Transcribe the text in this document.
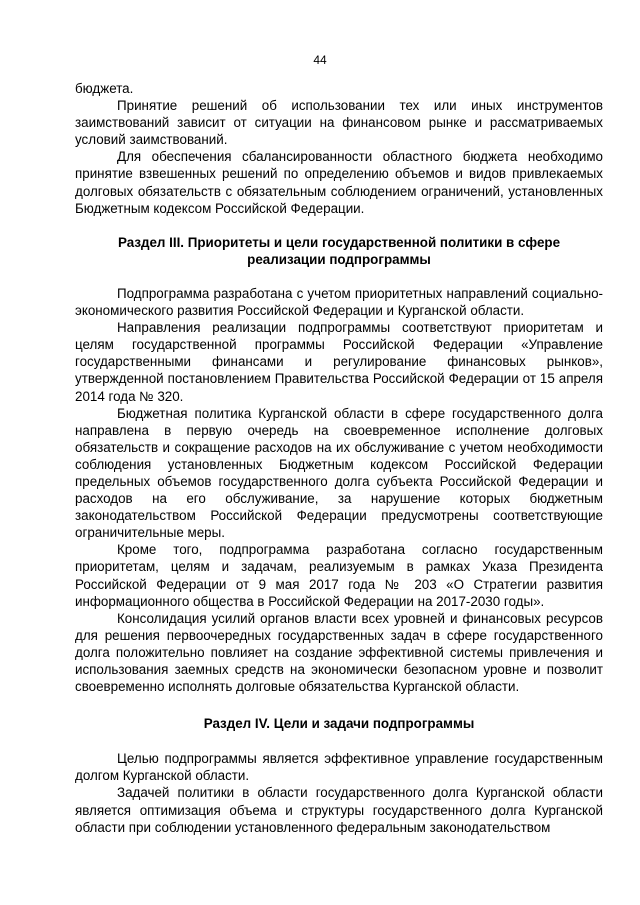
44

бюджета.

Принятие решений об использовании тех или иных инструментов заимствований зависит от ситуации на финансовом рынке и рассматриваемых условий заимствований.

Для обеспечения сбалансированности областного бюджета необходимо принятие взвешенных решений по определению объемов и видов привлекаемых долговых обязательств с обязательным соблюдением ограничений, установленных Бюджетным кодексом Российской Федерации.

Раздел III. Приоритеты и цели государственной политики в сфере реализации подпрограммы

Подпрограмма разработана с учетом приоритетных направлений социально-экономического развития Российской Федерации и Курганской области.

Направления реализации подпрограммы соответствуют приоритетам и целям государственной программы Российской Федерации «Управление государственными финансами и регулирование финансовых рынков», утвержденной постановлением Правительства Российской Федерации от 15 апреля 2014 года № 320.

Бюджетная политика Курганской области в сфере государственного долга направлена в первую очередь на своевременное исполнение долговых обязательств и сокращение расходов на их обслуживание с учетом необходимости соблюдения установленных Бюджетным кодексом Российской Федерации предельных объемов государственного долга субъекта Российской Федерации и расходов на его обслуживание, за нарушение которых бюджетным законодательством Российской Федерации предусмотрены соответствующие ограничительные меры.

Кроме того, подпрограмма разработана согласно государственным приоритетам, целям и задачам, реализуемым в рамках Указа Президента Российской Федерации от 9 мая 2017 года № 203 «О Стратегии развития информационного общества в Российской Федерации на 2017-2030 годы».

Консолидация усилий органов власти всех уровней и финансовых ресурсов для решения первоочередных государственных задач в сфере государственного долга положительно повлияет на создание эффективной системы привлечения и использования заемных средств на экономически безопасном уровне и позволит своевременно исполнять долговые обязательства Курганской области.

Раздел IV. Цели и задачи подпрограммы

Целью подпрограммы является эффективное управление государственным долгом Курганской области.

Задачей политики в области государственного долга Курганской области является оптимизация объема и структуры государственного долга Курганской области при соблюдении установленного федеральным законодательством
